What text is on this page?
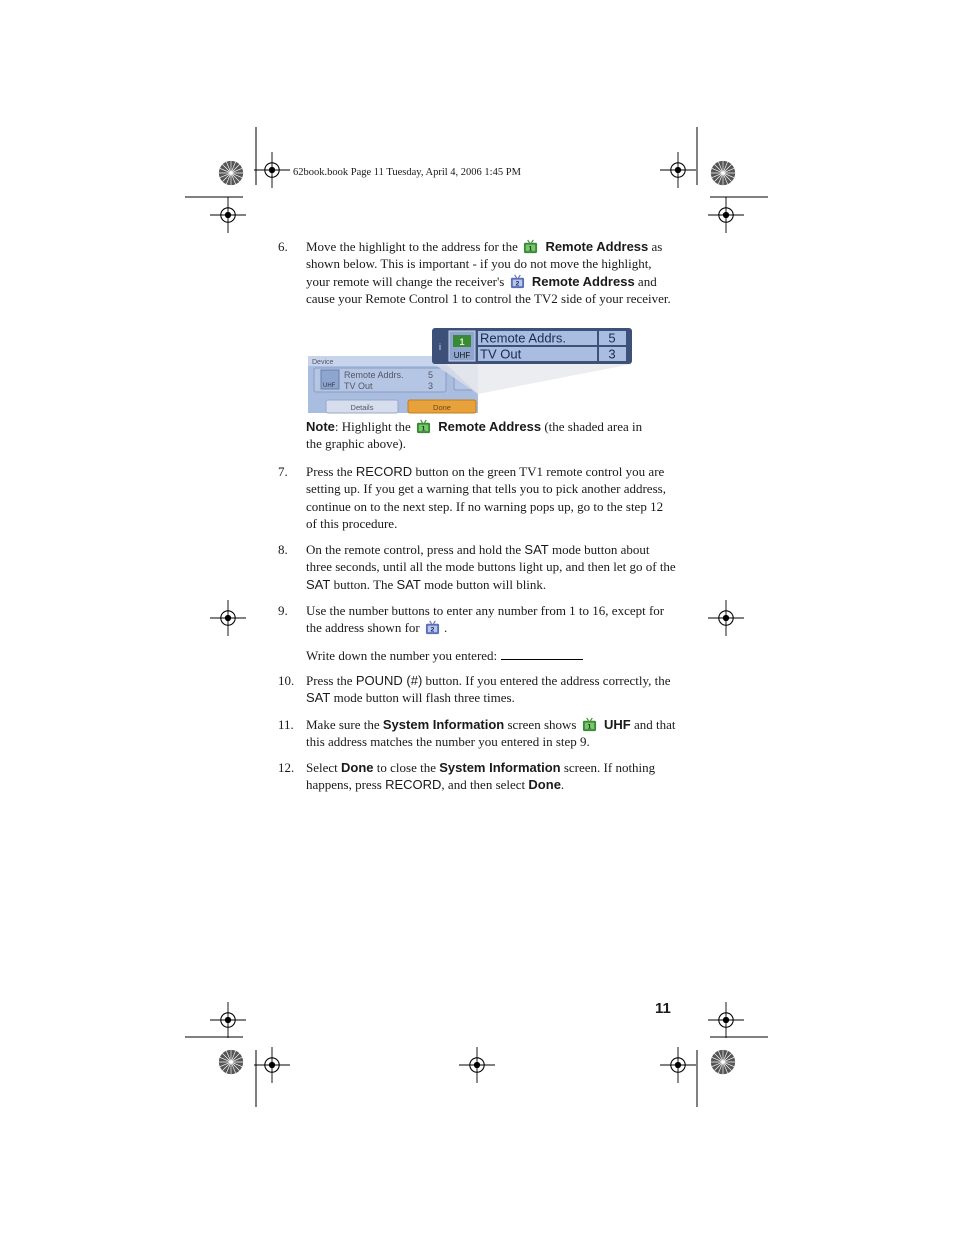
62book.book Page 11 Tuesday, April 4, 2006 1:45 PM
6. Move the highlight to the address for the Remote Address as shown below. This is important - if you do not move the highlight, your remote will change the receiver's Remote Address and cause your Remote Control 1 to control the TV2 side of your receiver.
Device
UHF
Remote Addrs.
TV Out
5
3
Details	Done
i 1
UHF
Remote Addrs.
TV Out
5
3
Note: Highlight the Remote Address (the shaded area in the graphic above).
7. Press the RECORD button on the green TV1 remote control you are setting up. If you get a warning that tells you to pick another address, continue on to the next step. If no warning pops up, go to the step 12 of this procedure.
8. On the remote control, press and hold the SAT mode button about three seconds, until all the mode buttons light up, and then let go of the SAT button. The SAT mode button will blink.
9. Use the number buttons to enter any number from 1 to 16, except for the address shown for .
Write down the number you entered:
10. Press the POUND (#) button. If you entered the address correctly, the SAT mode button will flash three times.
11. Make sure the System Information screen shows UHF and that this address matches the number you entered in step 9.
12. Select Done to close the System Information screen. If nothing happens, press RECORD, and then select Done.
11
